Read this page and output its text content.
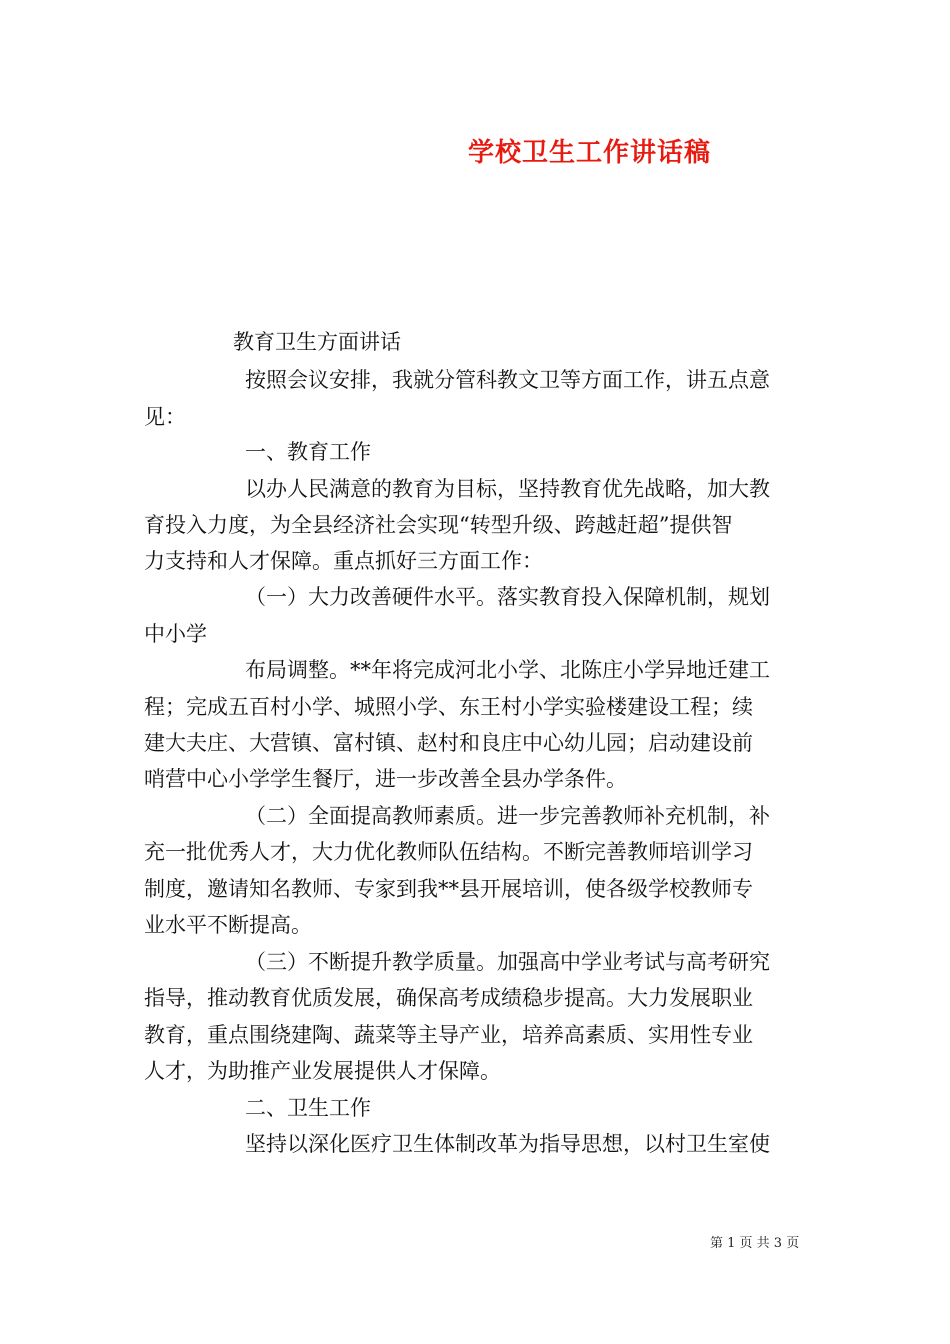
学校卫生工作讲话稿
教育卫生方面讲话
按照会议安排，我就分管科教文卫等方面工作，讲五点意
见：
一、教育工作
以办人民满意的教育为目标，坚持教育优先战略，加大教
育投入力度，为全县经济社会实现“转型升级、跨越赶超”提供智
力支持和人才保障。重点抓好三方面工作：
（一）大力改善硬件水平。落实教育投入保障机制，规划
中小学
布局调整。**年将完成河北小学、北陈庄小学异地迁建工
程；完成五百村小学、城照小学、东王村小学实验楼建设工程；续
建大夫庄、大营镇、富村镇、赵村和良庄中心幼儿园；启动建设前
哨营中心小学学生餐厅，进一步改善全县办学条件。
（二）全面提高教师素质。进一步完善教师补充机制，补
充一批优秀人才，大力优化教师队伍结构。不断完善教师培训学习
制度，邀请知名教师、专家到我**县开展培训，使各级学校教师专
业水平不断提高。
（三）不断提升教学质量。加强高中学业考试与高考研究
指导，推动教育优质发展，确保高考成绩稳步提高。大力发展职业
教育，重点围绕建陶、蔬菜等主导产业，培养高素质、实用性专业
人才，为助推产业发展提供人才保障。
二、卫生工作
坚持以深化医疗卫生体制改革为指导思想，以村卫生室使
第 1 页 共 3 页
